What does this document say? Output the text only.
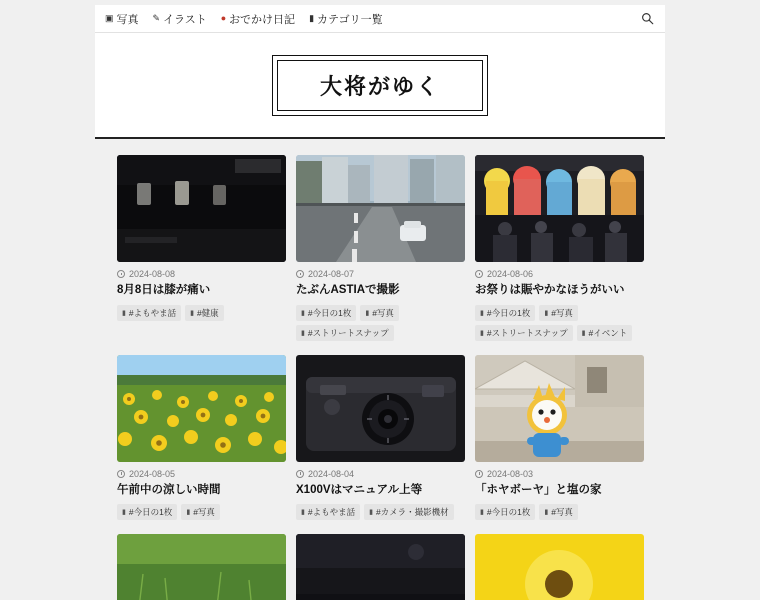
▣ 写真 ✎ イラスト ● おでかけ日記 ▮ カテゴリ一覧
大将がゆく
2024-08-08
8月8日は膝が痛い
▮ #よもやま話 ▮ #健康
2024-08-07
たぶんASTIAで撮影
▮ #今日の1枚 ▮ #写真
▮ #ストリートスナップ
2024-08-06
お祭りは賑やかなほうがいい
▮ #今日の1枚 ▮ #写真
▮ #ストリートスナップ ▮ #イベント
2024-08-05
午前中の涼しい時間
▮ #今日の1枚 ▮ #写真
2024-08-04
X100Vはマニュアル上等
▮ #よもやま話 ▮ #カメラ・撮影機材
2024-08-03
「ホヤボーヤ」と塩の家
▮ #今日の1枚 ▮ #写真
